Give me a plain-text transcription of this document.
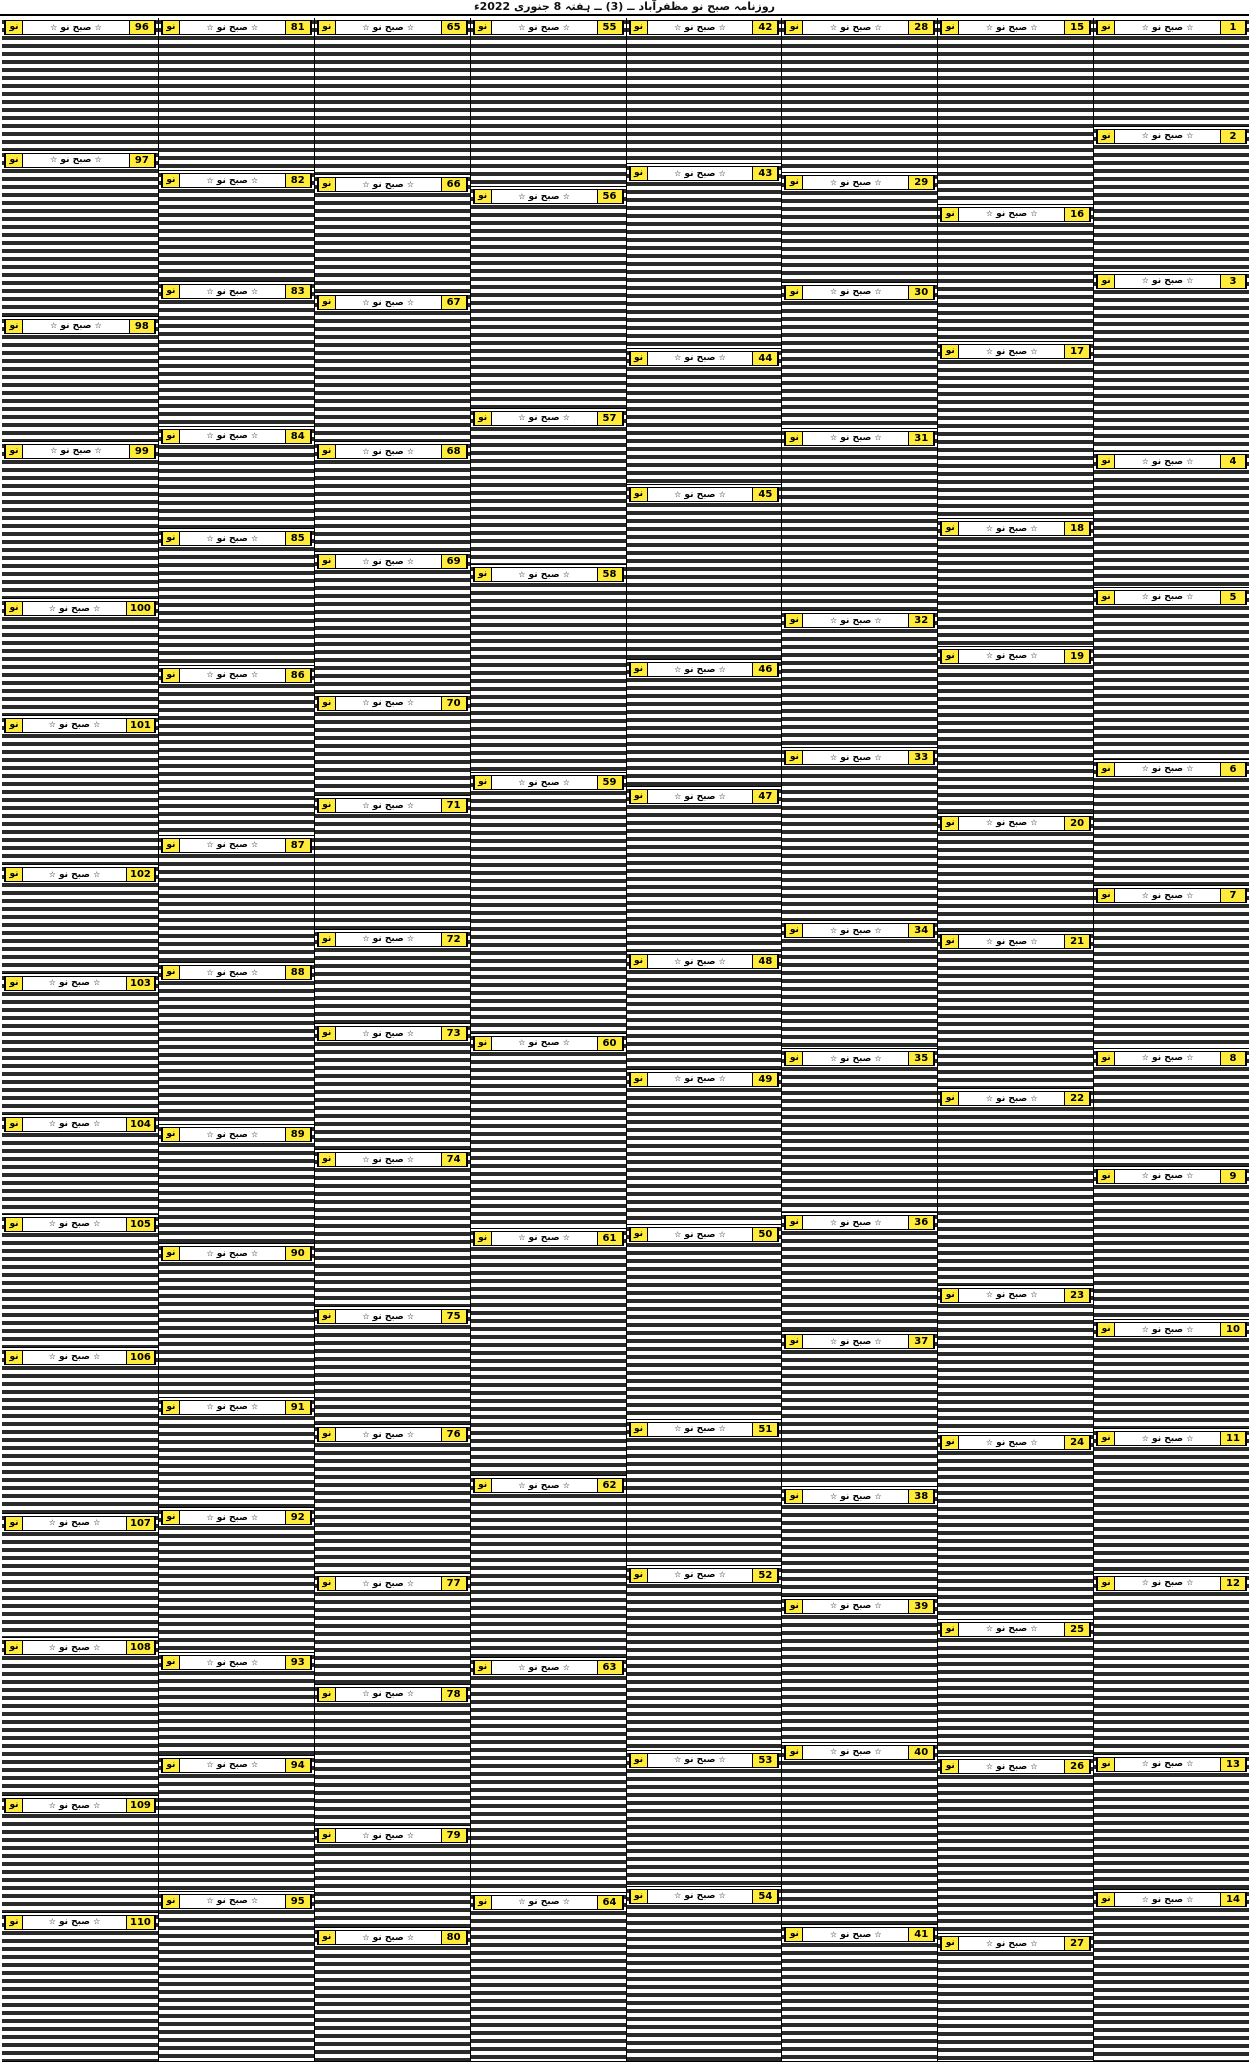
روزنامہ صبح نو مظفرآباد ــ (3) ــ ہفتہ 8 جنوری 2022ء
1
☆ صبح نو ☆
نو
2
☆ صبح نو ☆
نو
3
☆ صبح نو ☆
نو
4
☆ صبح نو ☆
نو
5
☆ صبح نو ☆
نو
6
☆ صبح نو ☆
نو
7
☆ صبح نو ☆
نو
8
☆ صبح نو ☆
نو
9
☆ صبح نو ☆
نو
10
☆ صبح نو ☆
نو
11
☆ صبح نو ☆
نو
12
☆ صبح نو ☆
نو
13
☆ صبح نو ☆
نو
14
☆ صبح نو ☆
نو
15
☆ صبح نو ☆
نو
16
☆ صبح نو ☆
نو
17
☆ صبح نو ☆
نو
18
☆ صبح نو ☆
نو
19
☆ صبح نو ☆
نو
20
☆ صبح نو ☆
نو
21
☆ صبح نو ☆
نو
22
☆ صبح نو ☆
نو
23
☆ صبح نو ☆
نو
24
☆ صبح نو ☆
نو
25
☆ صبح نو ☆
نو
26
☆ صبح نو ☆
نو
27
☆ صبح نو ☆
نو
28
☆ صبح نو ☆
نو
29
☆ صبح نو ☆
نو
30
☆ صبح نو ☆
نو
31
☆ صبح نو ☆
نو
32
☆ صبح نو ☆
نو
33
☆ صبح نو ☆
نو
34
☆ صبح نو ☆
نو
35
☆ صبح نو ☆
نو
36
☆ صبح نو ☆
نو
37
☆ صبح نو ☆
نو
38
☆ صبح نو ☆
نو
39
☆ صبح نو ☆
نو
40
☆ صبح نو ☆
نو
41
☆ صبح نو ☆
نو
42
☆ صبح نو ☆
نو
43
☆ صبح نو ☆
نو
44
☆ صبح نو ☆
نو
45
☆ صبح نو ☆
نو
46
☆ صبح نو ☆
نو
47
☆ صبح نو ☆
نو
48
☆ صبح نو ☆
نو
49
☆ صبح نو ☆
نو
50
☆ صبح نو ☆
نو
51
☆ صبح نو ☆
نو
52
☆ صبح نو ☆
نو
53
☆ صبح نو ☆
نو
54
☆ صبح نو ☆
نو
55
☆ صبح نو ☆
نو
56
☆ صبح نو ☆
نو
57
☆ صبح نو ☆
نو
58
☆ صبح نو ☆
نو
59
☆ صبح نو ☆
نو
60
☆ صبح نو ☆
نو
61
☆ صبح نو ☆
نو
62
☆ صبح نو ☆
نو
63
☆ صبح نو ☆
نو
64
☆ صبح نو ☆
نو
65
☆ صبح نو ☆
نو
66
☆ صبح نو ☆
نو
67
☆ صبح نو ☆
نو
68
☆ صبح نو ☆
نو
69
☆ صبح نو ☆
نو
70
☆ صبح نو ☆
نو
71
☆ صبح نو ☆
نو
72
☆ صبح نو ☆
نو
73
☆ صبح نو ☆
نو
74
☆ صبح نو ☆
نو
75
☆ صبح نو ☆
نو
76
☆ صبح نو ☆
نو
77
☆ صبح نو ☆
نو
78
☆ صبح نو ☆
نو
79
☆ صبح نو ☆
نو
80
☆ صبح نو ☆
نو
81
☆ صبح نو ☆
نو
82
☆ صبح نو ☆
نو
83
☆ صبح نو ☆
نو
84
☆ صبح نو ☆
نو
85
☆ صبح نو ☆
نو
86
☆ صبح نو ☆
نو
87
☆ صبح نو ☆
نو
88
☆ صبح نو ☆
نو
89
☆ صبح نو ☆
نو
90
☆ صبح نو ☆
نو
91
☆ صبح نو ☆
نو
92
☆ صبح نو ☆
نو
93
☆ صبح نو ☆
نو
94
☆ صبح نو ☆
نو
95
☆ صبح نو ☆
نو
96
☆ صبح نو ☆
نو
97
☆ صبح نو ☆
نو
98
☆ صبح نو ☆
نو
99
☆ صبح نو ☆
نو
100
☆ صبح نو ☆
نو
101
☆ صبح نو ☆
نو
102
☆ صبح نو ☆
نو
103
☆ صبح نو ☆
نو
104
☆ صبح نو ☆
نو
105
☆ صبح نو ☆
نو
106
☆ صبح نو ☆
نو
107
☆ صبح نو ☆
نو
108
☆ صبح نو ☆
نو
109
☆ صبح نو ☆
نو
110
☆ صبح نو ☆
نو
